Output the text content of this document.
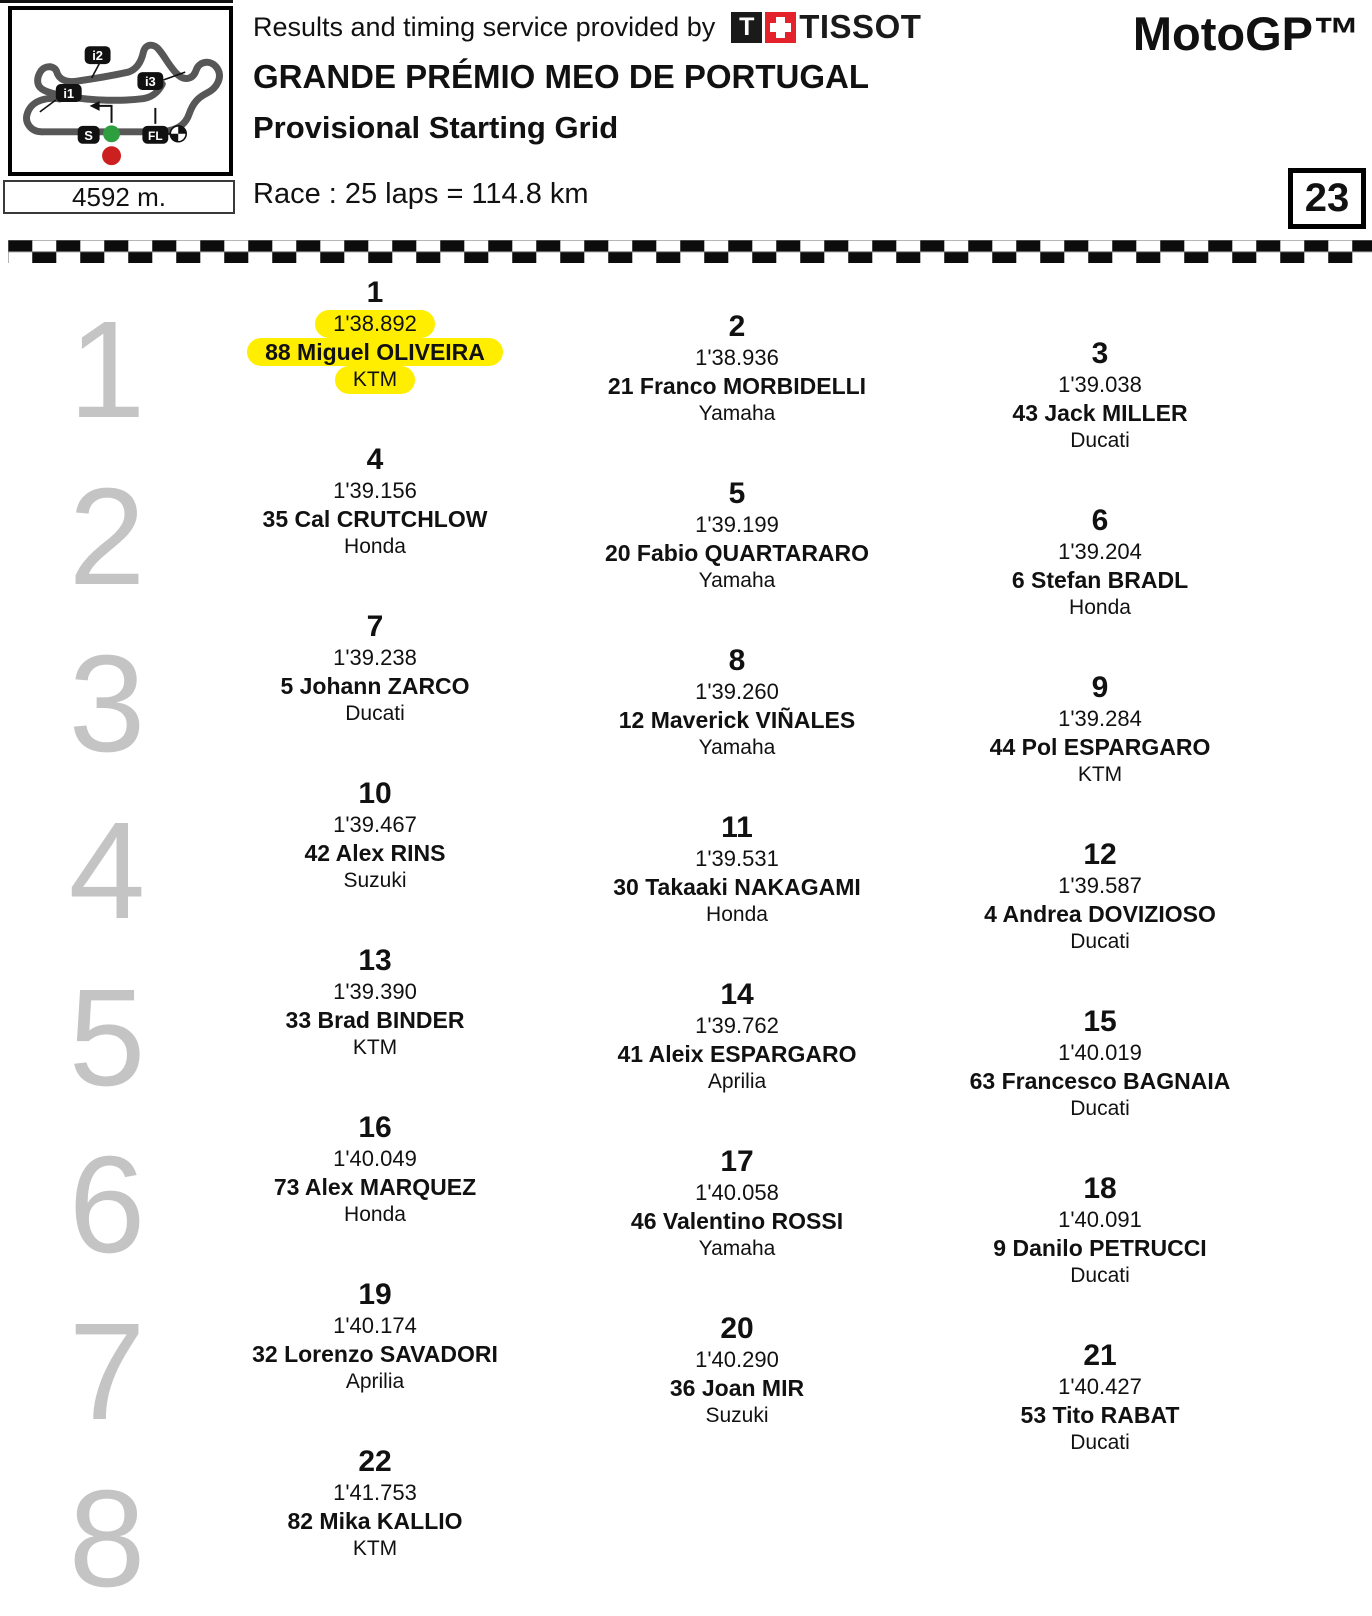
i2
i3
i1
S	FL
4592 m.
Results and timing service provided by T TISSOT
GRANDE PRÉMIO MEO DE PORTUGAL
Provisional Starting Grid
Race : 25 laps = 114.8 km
MotoGP™
23
1
1
1'38.892
88 Miguel OLIVEIRA
KTM
2
1'38.936
21 Franco MORBIDELLI
Yamaha
3
1'39.038
43 Jack MILLER
Ducati
2
4
1'39.156
35 Cal CRUTCHLOW
Honda
5
1'39.199
20 Fabio QUARTARARO
Yamaha
6
1'39.204
6 Stefan BRADL
Honda
3
7
1'39.238
5 Johann ZARCO
Ducati
8
1'39.260
12 Maverick VIÑALES
Yamaha
9
1'39.284
44 Pol ESPARGARO
KTM
4
10
1'39.467
42 Alex RINS
Suzuki
11
1'39.531
30 Takaaki NAKAGAMI
Honda
12
1'39.587
4 Andrea DOVIZIOSO
Ducati
5
13
1'39.390
33 Brad BINDER
KTM
14
1'39.762
41 Aleix ESPARGARO
Aprilia
15
1'40.019
63 Francesco BAGNAIA
Ducati
6
16
1'40.049
73 Alex MARQUEZ
Honda
17
1'40.058
46 Valentino ROSSI
Yamaha
18
1'40.091
9 Danilo PETRUCCI
Ducati
7
19
1'40.174
32 Lorenzo SAVADORI
Aprilia
20
1'40.290
36 Joan MIR
Suzuki
21
1'40.427
53 Tito RABAT
Ducati
8
22
1'41.753
82 Mika KALLIO
KTM
